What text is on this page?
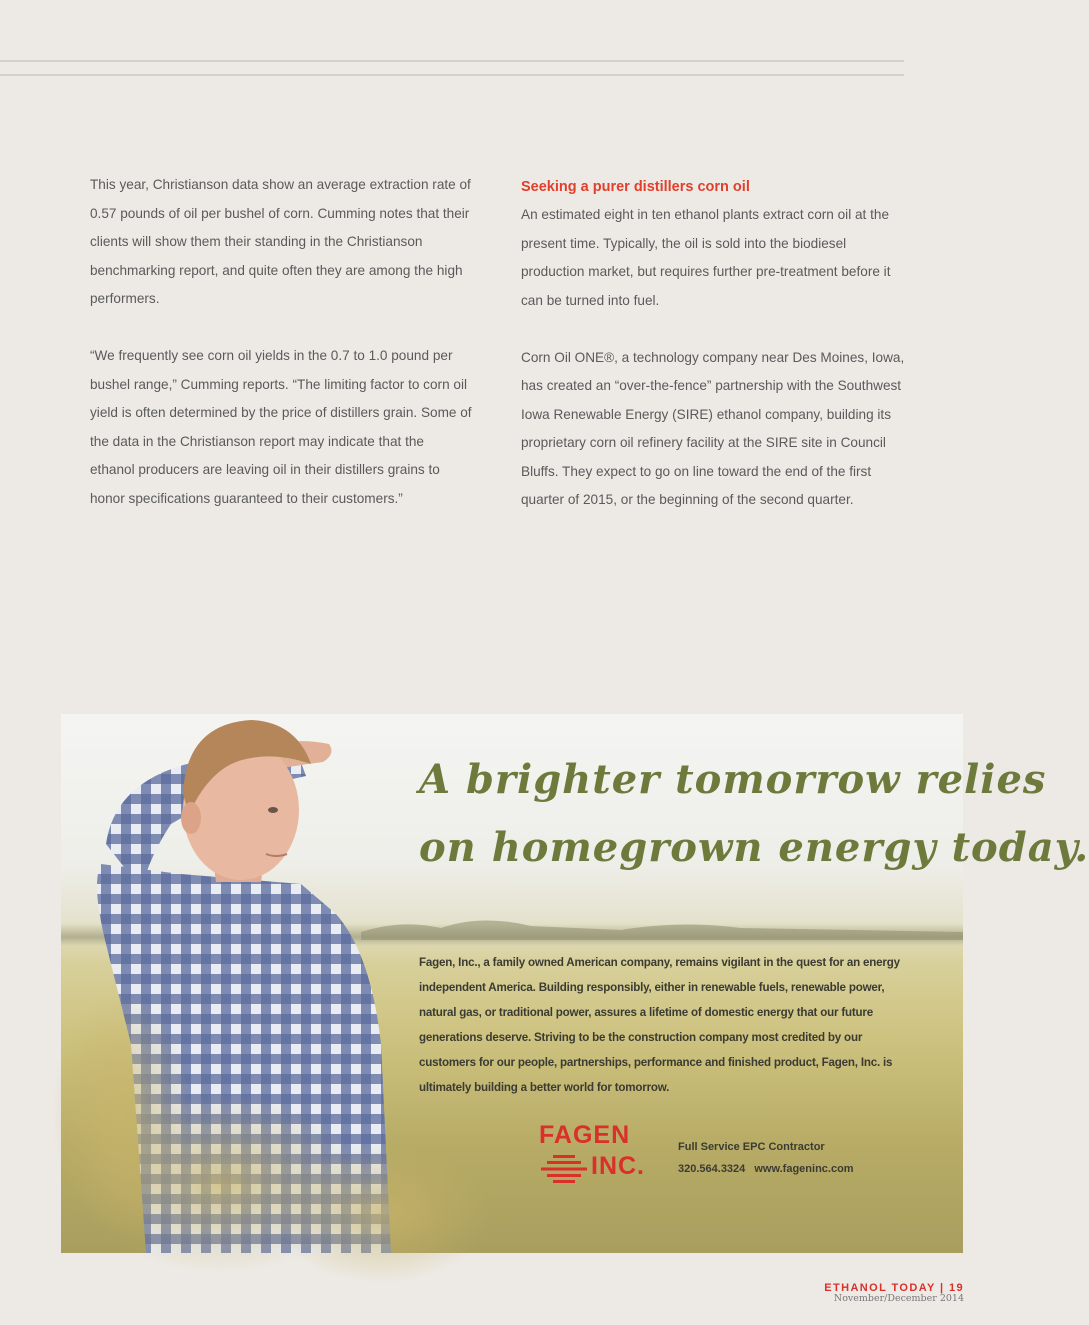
This year, Christianson data show an average extraction rate of 0.57 pounds of oil per bushel of corn. Cumming notes that their clients will show them their standing in the Christianson benchmarking report, and quite often they are among the high performers.

“We frequently see corn oil yields in the 0.7 to 1.0 pound per bushel range,” Cumming reports. “The limiting factor to corn oil yield is often determined by the price of distillers grain. Some of the data in the Christianson report may indicate that the ethanol producers are leaving oil in their distillers grains to honor specifications guaranteed to their customers.”

Seeking a purer distillers corn oil

An estimated eight in ten ethanol plants extract corn oil at the present time. Typically, the oil is sold into the biodiesel production market, but requires further pre-treatment before it can be turned into fuel.

Corn Oil ONE®, a technology company near Des Moines, Iowa, has created an “over-the-fence” partnership with the Southwest Iowa Renewable Energy (SIRE) ethanol company, building its proprietary corn oil refinery facility at the SIRE site in Council Bluffs. They expect to go on line toward the end of the first quarter of 2015, or the beginning of the second quarter.

A brighter tomorrow relies

on homegrown energy today.

Fagen, Inc., a family owned American company, remains vigilant in the quest for an energy independent America. Building responsibly, either in renewable fuels, renewable power, natural gas, or traditional power, assures a lifetime of domestic energy that our future generations deserve. Striving to be the construction company most credited by our customers for our people, partnerships, performance and finished product, Fagen, Inc. is ultimately building a better world for tomorrow.

FAGEN

INC.

Full Service EPC Contractor

320.564.3324 www.fageninc.com

ETHANOL TODAY | 19
November/December 2014
